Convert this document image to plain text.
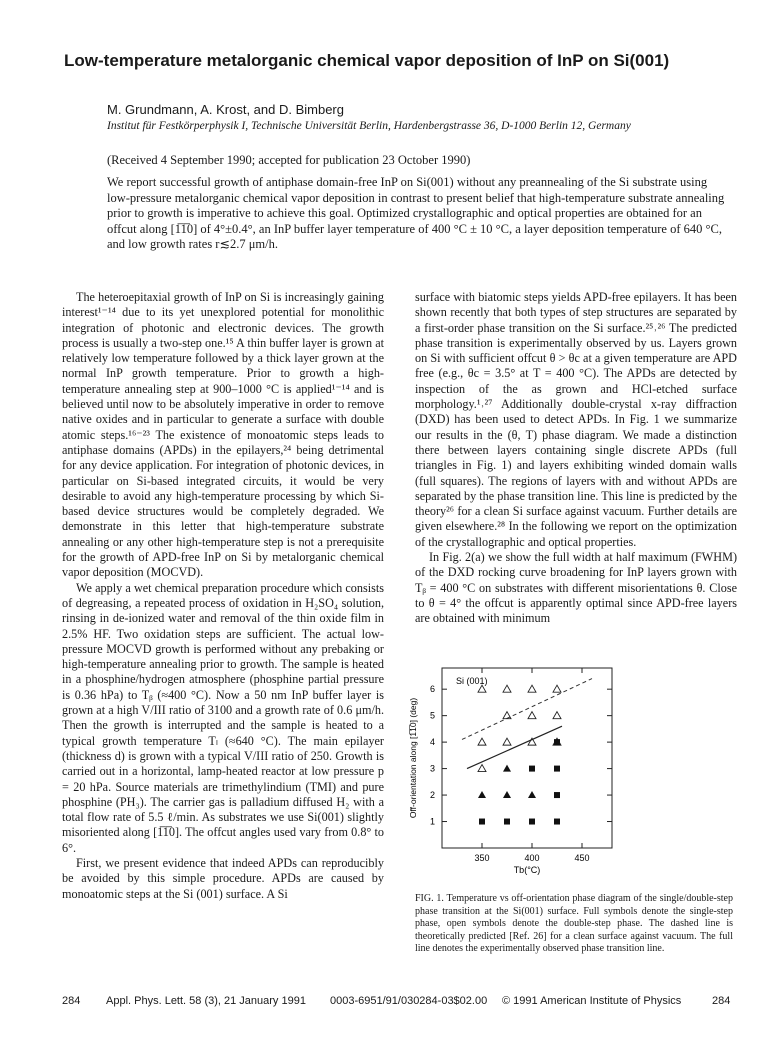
Low-temperature metalorganic chemical vapor deposition of InP on Si(001)
M. Grundmann, A. Krost, and D. Bimberg
Institut für Festkörperphysik I, Technische Universität Berlin, Hardenbergstrasse 36, D-1000 Berlin 12, Germany
(Received 4 September 1990; accepted for publication 23 October 1990)
We report successful growth of antiphase domain-free InP on Si(001) without any preannealing of the Si substrate using low-pressure metalorganic chemical vapor deposition in contrast to present belief that high-temperature substrate annealing prior to growth is imperative to achieve this goal. Optimized crystallographic and optical properties are obtained for an offcut along [1̅1̅0] of 4°±0.4°, an InP buffer layer temperature of 400 °C ± 10 °C, a layer deposition temperature of 640 °C, and low growth rates r≲2.7 μm/h.

The heteroepitaxial growth of InP on Si is increasingly gaining interest¹⁻¹⁴ due to its yet unexplored potential for monolithic integration of photonic and electronic devices. The growth process is usually a two-step one.¹⁵ A thin buffer layer is grown at relatively low temperature followed by a thick layer grown at the normal InP growth temperature. Prior to growth a high-temperature annealing step at 900–1000 °C is applied¹⁻¹⁴ and is believed until now to be absolutely imperative in order to remove native oxides and in particular to generate a surface with double atomic steps.¹⁶⁻²³ The existence of monoatomic steps leads to antiphase domains (APDs) in the epilayers,²⁴ being detrimental for any device application. For integration of photonic devices, in particular on Si-based integrated circuits, it would be very desirable to avoid any high-temperature processing by which Si-based device structures would be completely degraded. We demonstrate in this letter that high-temperature substrate annealing or any other high-temperature step is not a prerequisite for the growth of APD-free InP on Si by metalorganic chemical vapor deposition (MOCVD).

We apply a wet chemical preparation procedure which consists of degreasing, a repeated process of oxidation in H₂SO₄ solution, rinsing in de-ionized water and removal of the thin oxide film in 2.5% HF. Two oxidation steps are sufficient. The actual low-pressure MOCVD growth is performed without any prebaking or high-temperature annealing prior to growth. The sample is heated in a phosphine/hydrogen atmosphere (phosphine partial pressure is 0.36 hPa) to Tᵦ (≈400 °C). Now a 50 nm InP buffer layer is grown at a high V/III ratio of 3100 and a growth rate of 0.6 μm/h. Then the growth is interrupted and the sample is heated to a typical growth temperature Tₗ (≈640 °C). The main epilayer (thickness d) is grown with a typical V/III ratio of 250. Growth is carried out in a horizontal, lamp-heated reactor at low pressure p = 20 hPa. Source materials are trimethylindium (TMI) and pure phosphine (PH₃). The carrier gas is palladium diffused H₂ with a total flow rate of 5.5 ℓ/min. As substrates we use Si(001) slightly misoriented along [1̅1̅0]. The offcut angles used vary from 0.8° to 6°.

First, we present evidence that indeed APDs can reproducibly be avoided by this simple procedure. APDs are caused by monoatomic steps at the Si (001) surface. A Si

surface with biatomic steps yields APD-free epilayers. It has been shown recently that both types of step structures are separated by a first-order phase transition on the Si surface.²⁵˒²⁶ The predicted phase transition is experimentally observed by us. Layers grown on Si with sufficient offcut θ > θc at a given temperature are APD free (e.g., θc = 3.5° at T = 400 °C). The APDs are detected by inspection of the as grown and HCl-etched surface morphology.¹˒²⁷ Additionally double-crystal x-ray diffraction (DXD) has been used to detect APDs. In Fig. 1 we summarize our results in the (θ, T) phase diagram. We made a distinction there between layers containing single discrete APDs (full triangles in Fig. 1) and layers exhibiting winded domain walls (full squares). The regions of layers with and without APDs are separated by the phase transition line. This line is predicted by the theory²⁶ for a clean Si surface against vacuum. Further details are given elsewhere.²⁸ In the following we report on the optimization of the crystallographic and optical properties.

In Fig. 2(a) we show the full width at half maximum (FWHM) of the DXD rocking curve broadening for InP layers grown with Tᵦ = 400 °C on substrates with different misorientations θ. Close to θ = 4° the offcut is apparently optimal since APD-free layers are obtained with minimum

350	400	450
1
2
3
4
5
6
Tb(°C)
Off-orientation along [1̅1̅0] (deg)
Si (001)
FIG. 1. Temperature vs off-orientation phase diagram of the single/double-step phase transition at the Si(001) surface. Full symbols denote the single-step phase, open symbols denote the double-step phase. The dashed line is theoretically predicted [Ref. 26] for a clean surface against vacuum. The full line denotes the experimentally observed phase transition line.
284 Appl. Phys. Lett. 58 (3), 21 January 1991 0003-6951/91/030284-03$02.00 © 1991 American Institute of Physics	284
